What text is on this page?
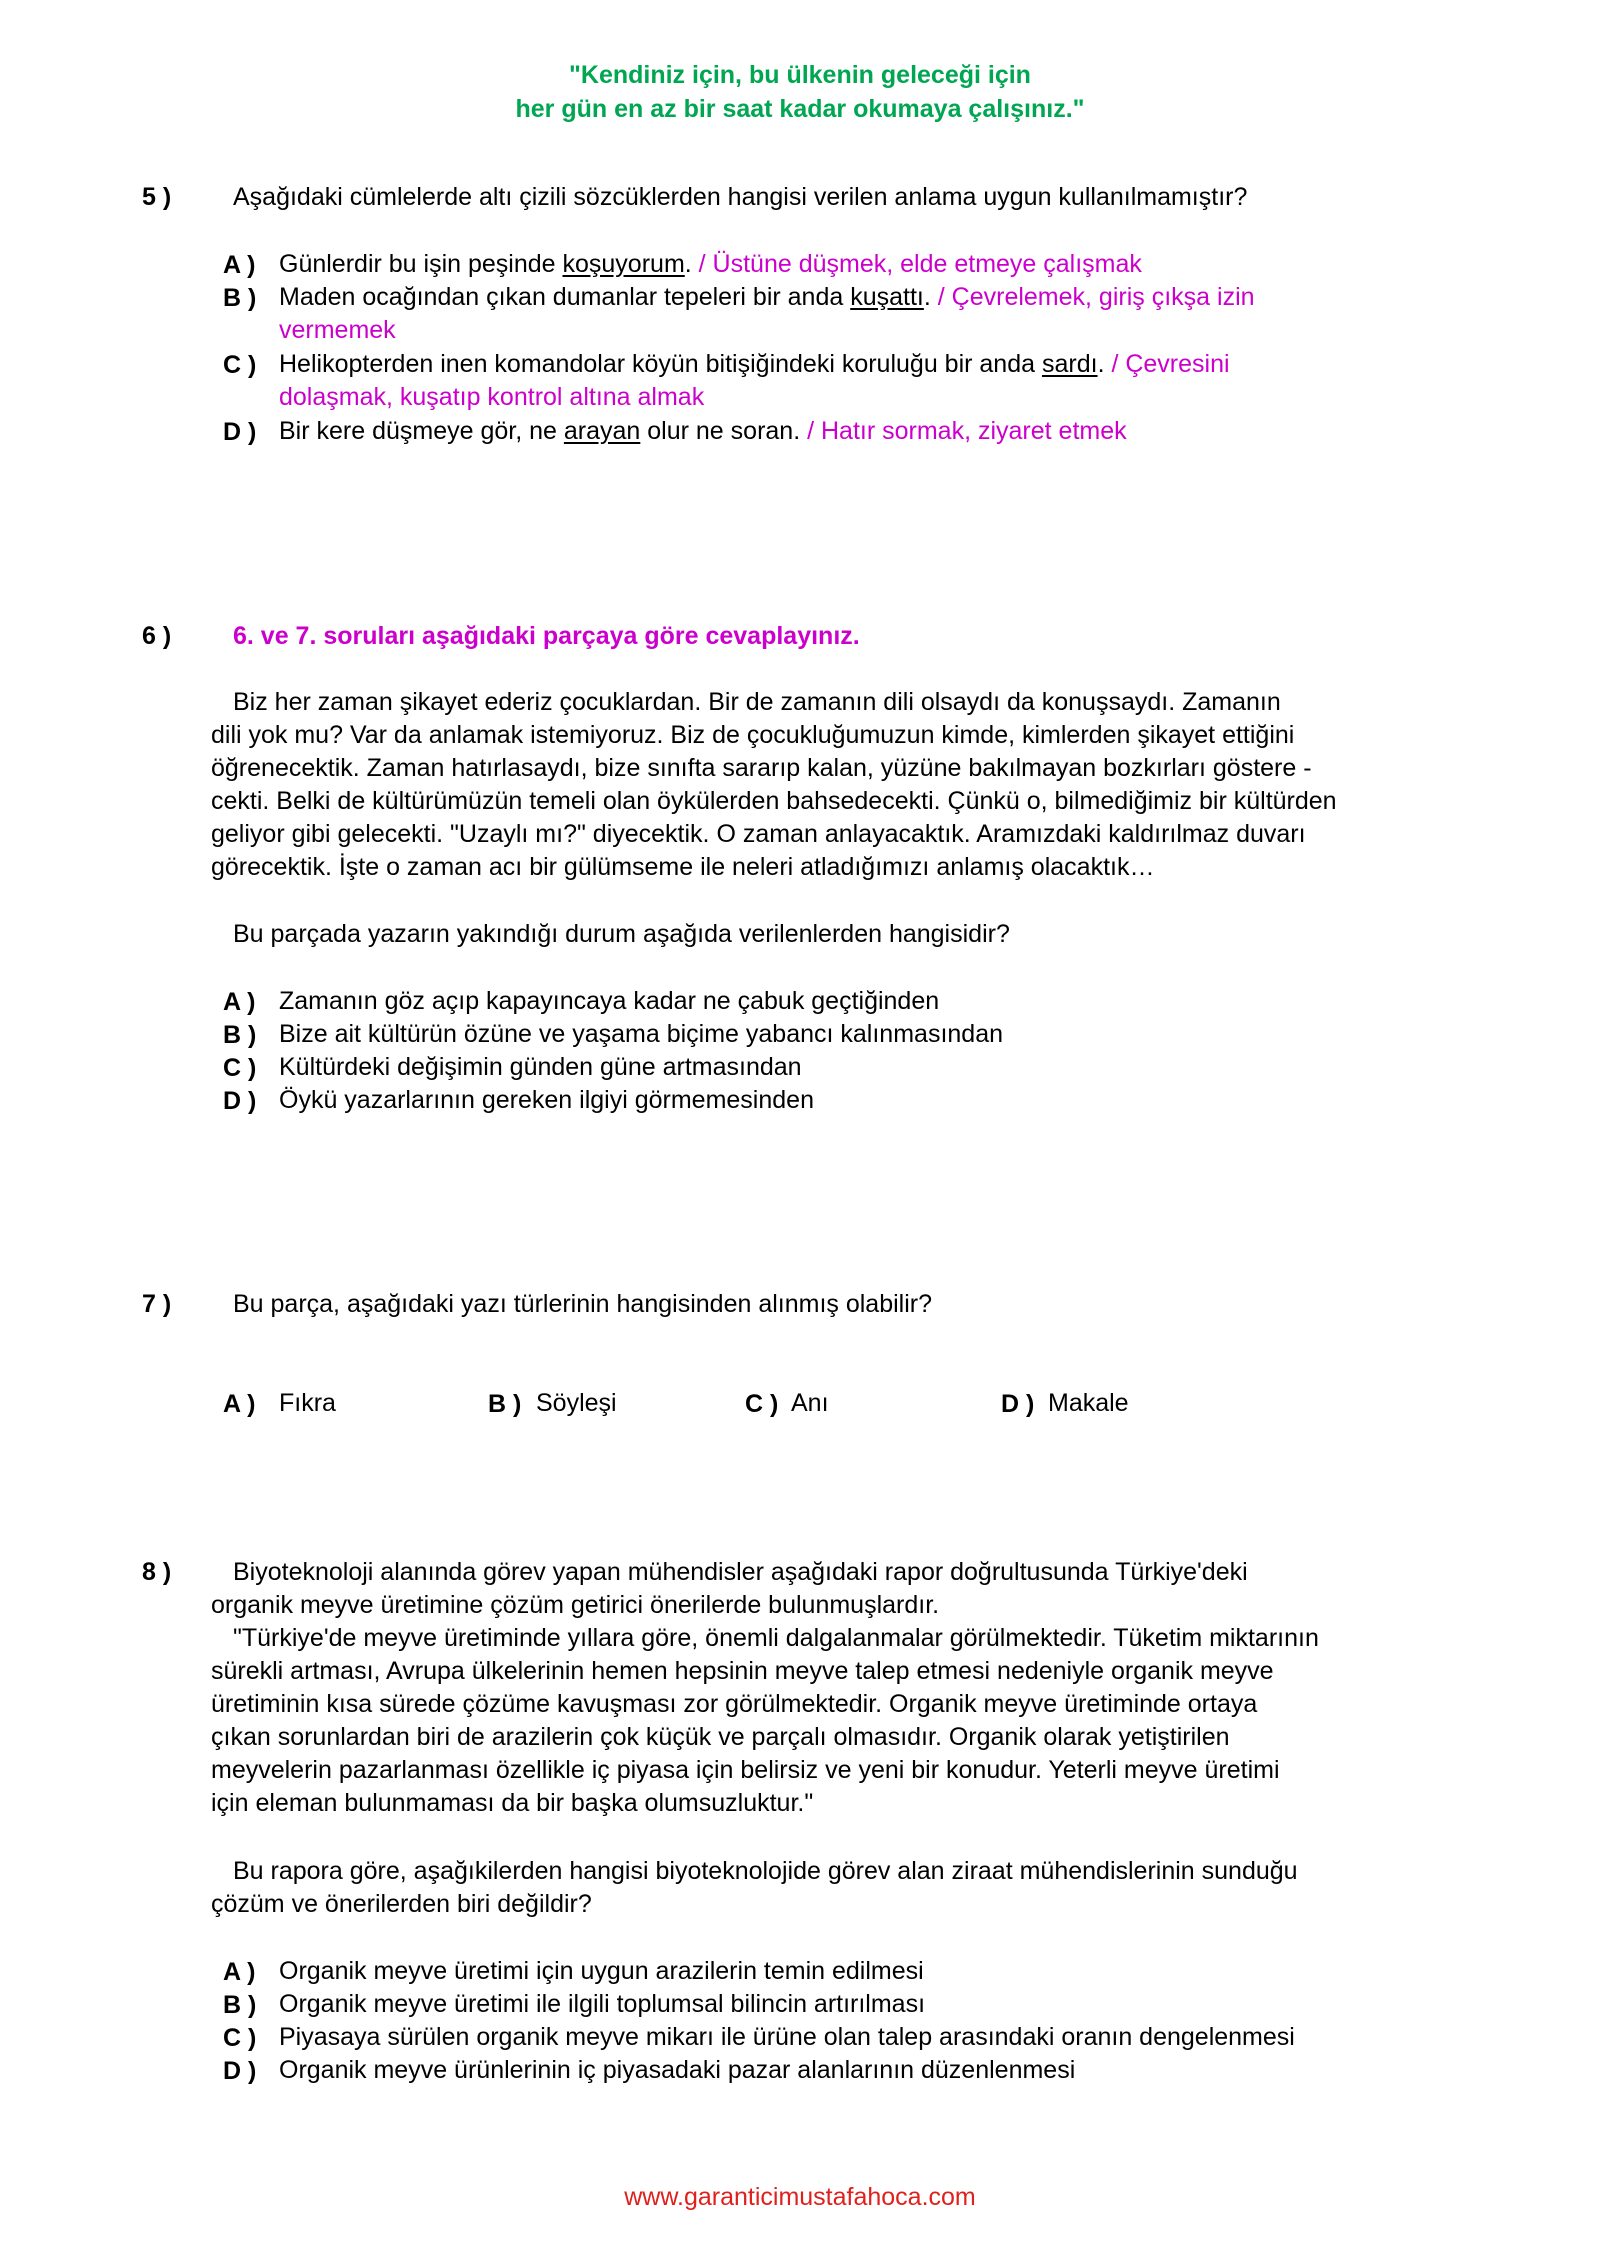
"Kendiniz için, bu ülkenin geleceği için
her gün en az bir saat kadar okumaya çalışınız."
5 ) Aşağıdaki cümlelerde altı çizili sözcüklerden hangisi verilen anlama uygun kullanılmamıştır?
A ) Günlerdir bu işin peşinde koşuyorum. / Üstüne düşmek, elde etmeye çalışmak
B ) Maden ocağından çıkan dumanlar tepeleri bir anda kuşattı. / Çevrelemek, giriş çıkşa izin
vermemek
C ) Helikopterden inen komandolar köyün bitişiğindeki koruluğu bir anda sardı. / Çevresini
dolaşmak, kuşatıp kontrol altına almak
D ) Bir kere düşmeye gör, ne arayan olur ne soran. / Hatır sormak, ziyaret etmek
6 ) 6. ve 7. soruları aşağıdaki parçaya göre cevaplayınız.
Biz her zaman şikayet ederiz çocuklardan. Bir de zamanın dili olsaydı da konuşsaydı. Zamanın
dili yok mu? Var da anlamak istemiyoruz. Biz de çocukluğumuzun kimde, kimlerden şikayet ettiğini
öğrenecektik. Zaman hatırlasaydı, bize sınıfta sararıp kalan, yüzüne bakılmayan bozkırları göstere -
cekti. Belki de kültürümüzün temeli olan öykülerden bahsedecekti. Çünkü o, bilmediğimiz bir kültürden
geliyor gibi gelecekti. "Uzaylı mı?" diyecektik. O zaman anlayacaktık. Aramızdaki kaldırılmaz duvarı
görecektik. İşte o zaman acı bir gülümseme ile neleri atladığımızı anlamış olacaktık…
Bu parçada yazarın yakındığı durum aşağıda verilenlerden hangisidir?
A ) Zamanın göz açıp kapayıncaya kadar ne çabuk geçtiğinden
B ) Bize ait kültürün özüne ve yaşama biçime yabancı kalınmasından
C ) Kültürdeki değişimin günden güne artmasından
D ) Öykü yazarlarının gereken ilgiyi görmemesinden
7 ) Bu parça, aşağıdaki yazı türlerinin hangisinden alınmış olabilir?
A ) Fıkra	B ) Söyleşi	C ) Anı	D ) Makale
8 ) Biyoteknoloji alanında görev yapan mühendisler aşağıdaki rapor doğrultusunda Türkiye'deki
organik meyve üretimine çözüm getirici önerilerde bulunmuşlardır.
"Türkiye'de meyve üretiminde yıllara göre, önemli dalgalanmalar görülmektedir. Tüketim miktarının
sürekli artması, Avrupa ülkelerinin hemen hepsinin meyve talep etmesi nedeniyle organik meyve
üretiminin kısa sürede çözüme kavuşması zor görülmektedir. Organik meyve üretiminde ortaya
çıkan sorunlardan biri de arazilerin çok küçük ve parçalı olmasıdır. Organik olarak yetiştirilen
meyvelerin pazarlanması özellikle iç piyasa için belirsiz ve yeni bir konudur. Yeterli meyve üretimi
için eleman bulunmaması da bir başka olumsuzluktur."
Bu rapora göre, aşağıkilerden hangisi biyoteknolojide görev alan ziraat mühendislerinin sunduğu
çözüm ve önerilerden biri değildir?
A ) Organik meyve üretimi için uygun arazilerin temin edilmesi
B ) Organik meyve üretimi ile ilgili toplumsal bilincin artırılması
C ) Piyasaya sürülen organik meyve mikarı ile ürüne olan talep arasındaki oranın dengelenmesi
D ) Organik meyve ürünlerinin iç piyasadaki pazar alanlarının düzenlenmesi
www.garanticimustafahoca.com
